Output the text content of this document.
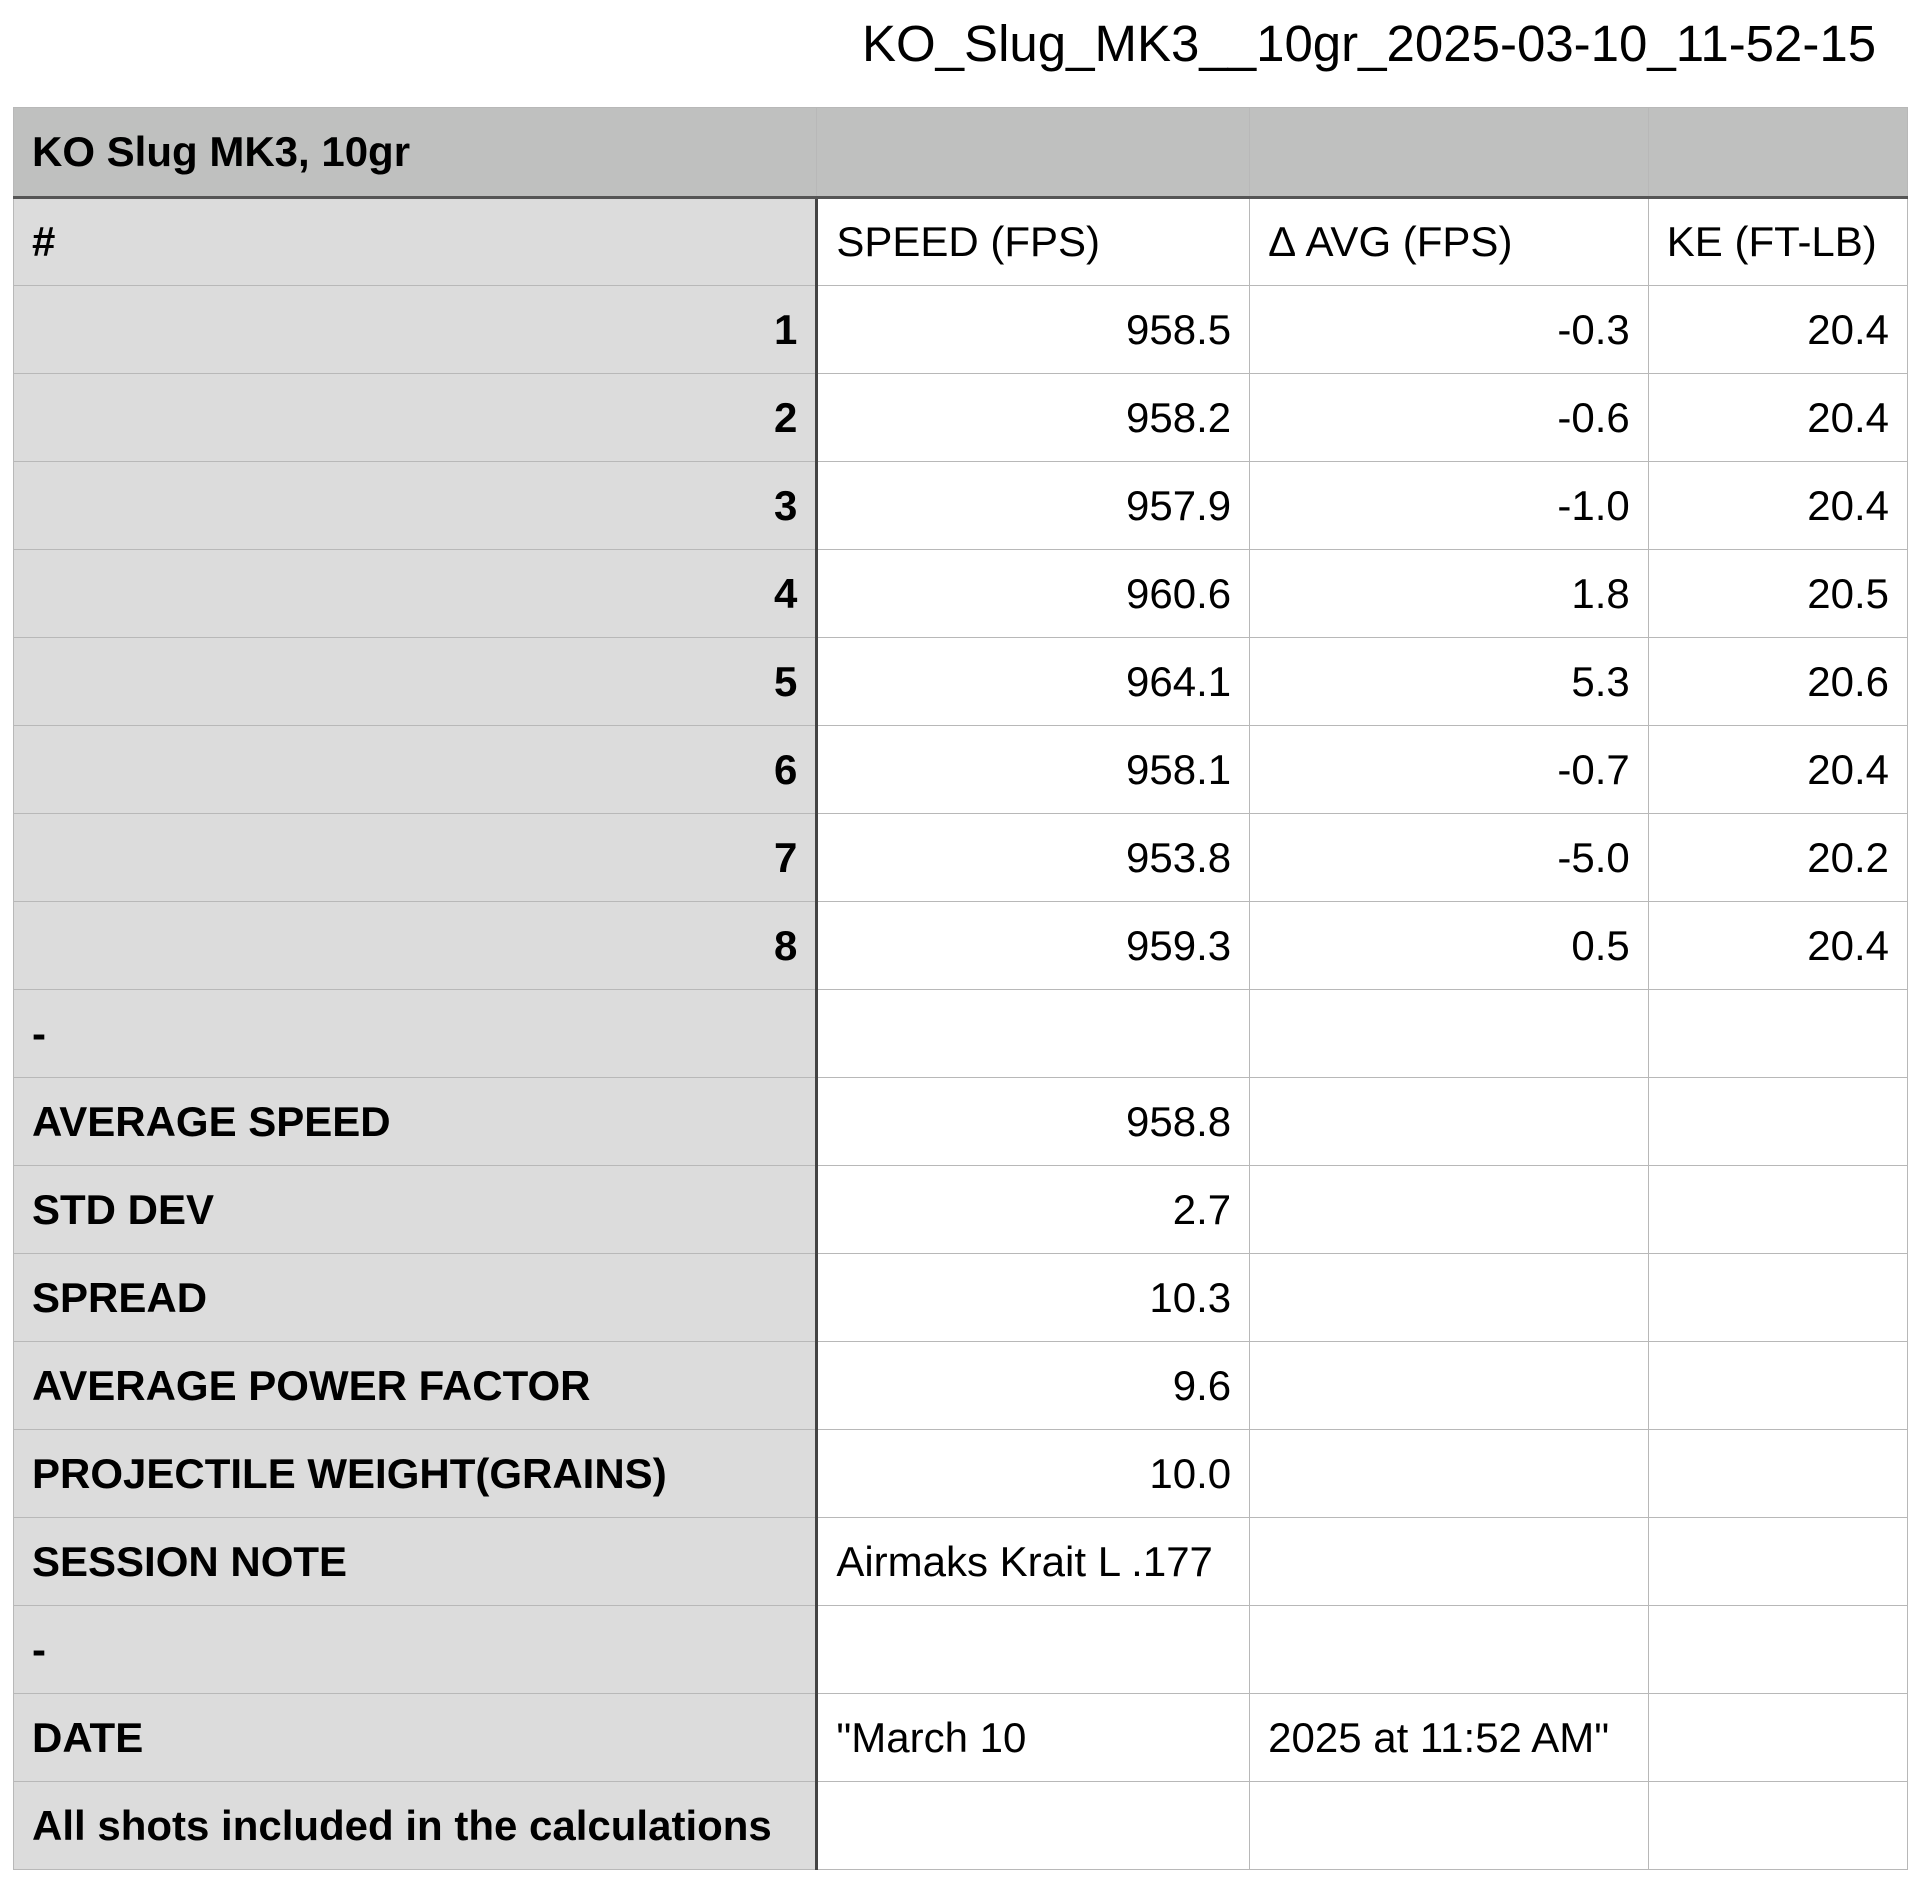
KO_Slug_MK3__10gr_2025-03-10_11-52-15
KO Slug MK3, 10gr			
#	SPEED (FPS)	Δ AVG (FPS)	KE (FT-LB)
1	958.5	-0.3	20.4
2	958.2	-0.6	20.4
3	957.9	-1.0	20.4
4	960.6	1.8	20.5
5	964.1	5.3	20.6
6	958.1	-0.7	20.4
7	953.8	-5.0	20.2
8	959.3	0.5	20.4
-			
AVERAGE SPEED	958.8		
STD DEV	2.7		
SPREAD	10.3		
AVERAGE POWER FACTOR	9.6		
PROJECTILE WEIGHT(GRAINS)	10.0		
SESSION NOTE	Airmaks Krait L .177		
-			
DATE	"March 10	2025 at 11:52 AM"	
All shots included in the calculations			
